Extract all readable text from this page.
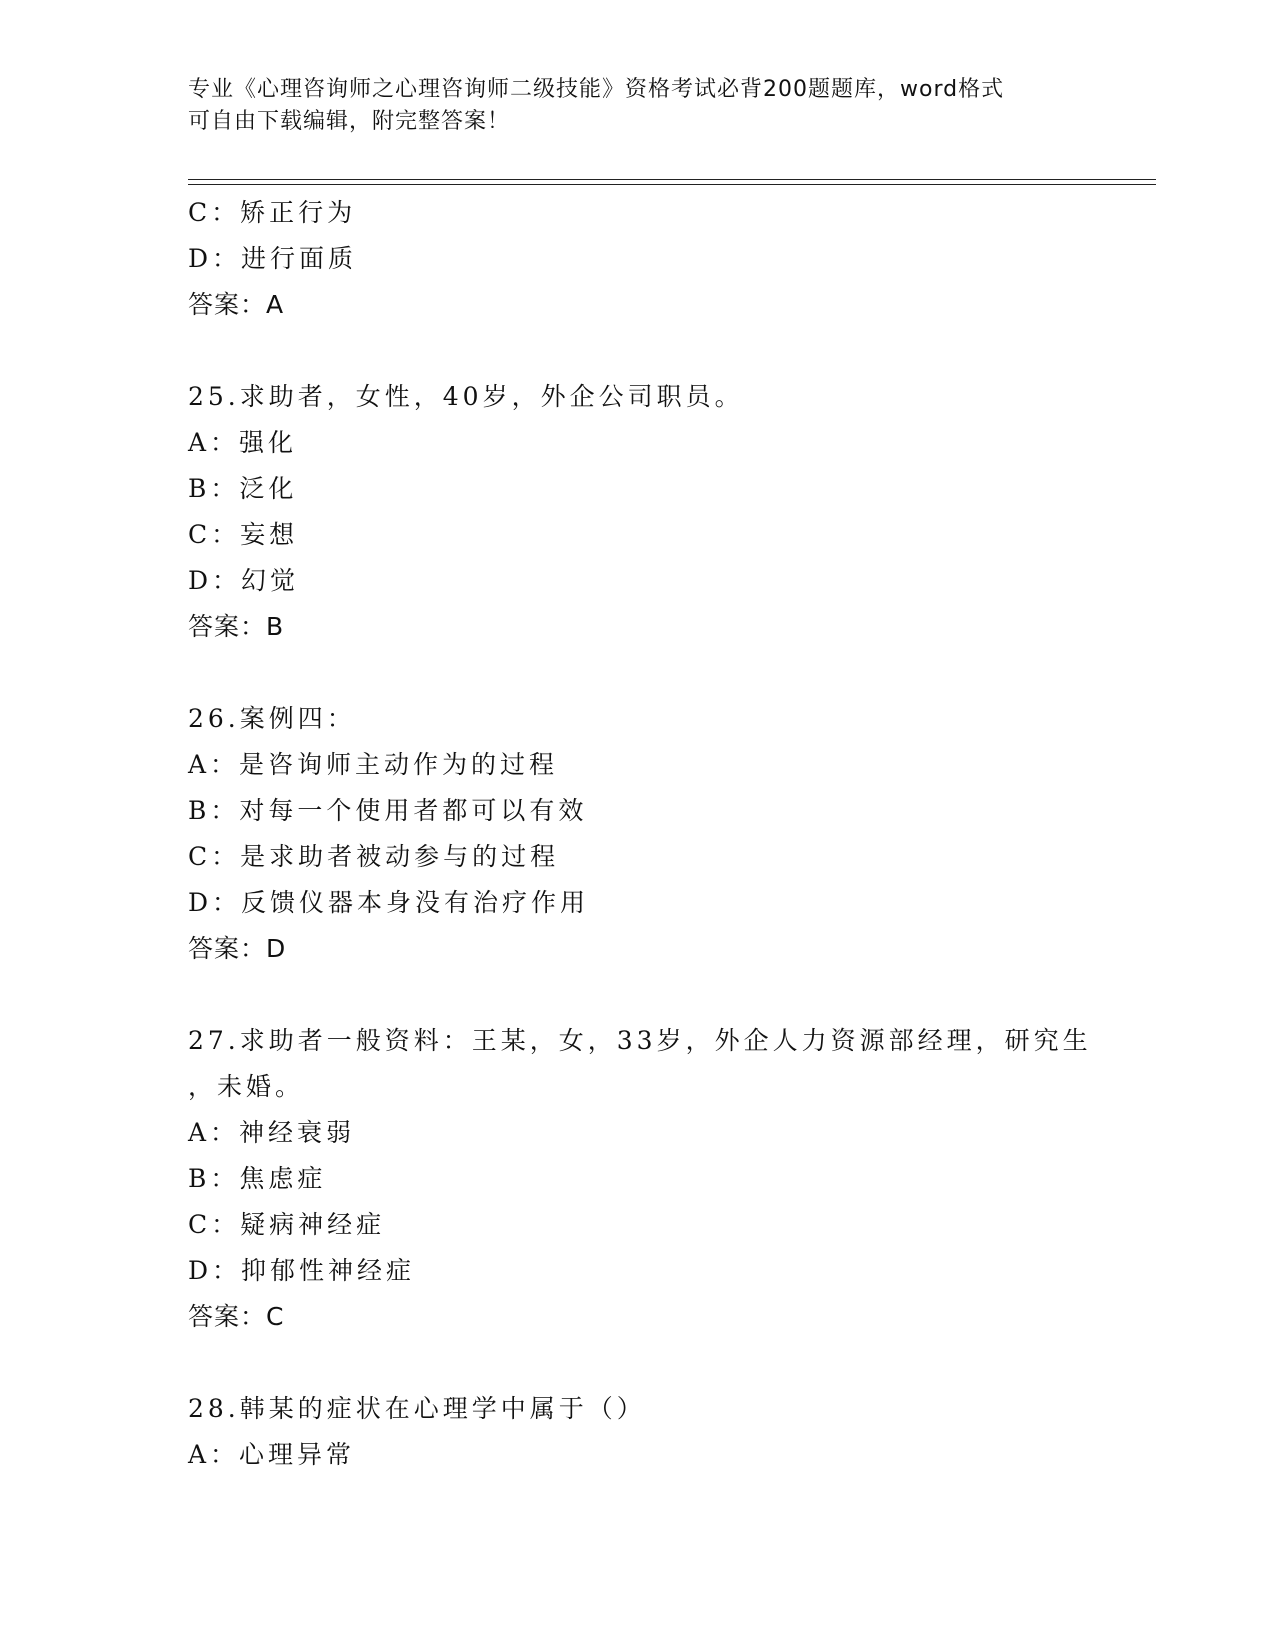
专业《心理咨询师之心理咨询师二级技能》资格考试必背200题题库，word格式
可自由下载编辑，附完整答案！
C：矫正行为
D：进行面质
答案：A
25.求助者，女性，40岁，外企公司职员。
A：强化
B：泛化
C：妄想
D：幻觉
答案：B
26.案例四：
A：是咨询师主动作为的过程
B：对每一个使用者都可以有效
C：是求助者被动参与的过程
D：反馈仪器本身没有治疗作用
答案：D
27.求助者一般资料：王某，女，33岁，外企人力资源部经理，研究生
，未婚。
A：神经衰弱
B：焦虑症
C：疑病神经症
D：抑郁性神经症
答案：C
28.韩某的症状在心理学中属于（）
A：心理异常
